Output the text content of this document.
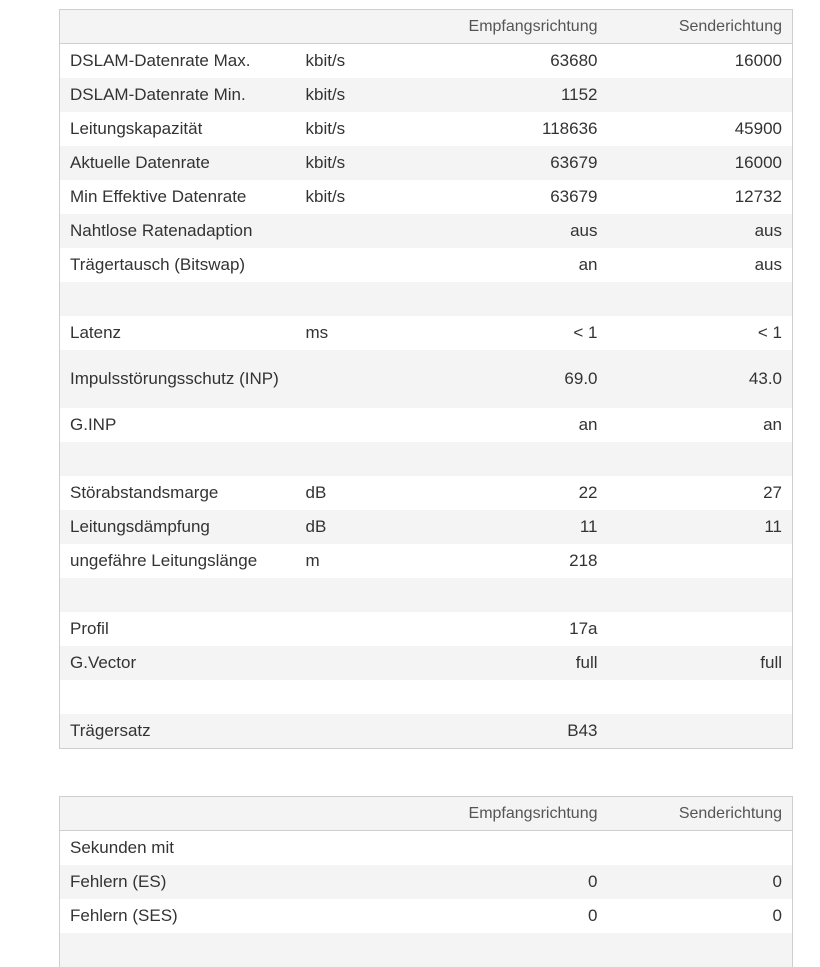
		Empfangsrichtung	Senderichtung
DSLAM-Datenrate Max.	kbit/s	63680	16000
DSLAM-Datenrate Min.	kbit/s	1152	
Leitungskapazität	kbit/s	118636	45900
Aktuelle Datenrate	kbit/s	63679	16000
Min Effektive Datenrate	kbit/s	63679	12732
Nahtlose Ratenadaption		aus	aus
Trägertausch (Bitswap)		an	aus

Latenz	ms	< 1	< 1
Impulsstörungsschutz (INP)		69.0	43.0
G.INP		an	an

Störabstandsmarge	dB	22	27
Leitungsdämpfung	dB	11	11
ungefähre Leitungslänge	m	218	

Profil		17a	
G.Vector		full	full

Trägersatz		B43	
		Empfangsrichtung	Senderichtung
Sekunden mit			
Fehlern (ES)		0	0
Fehlern (SES)		0	0
